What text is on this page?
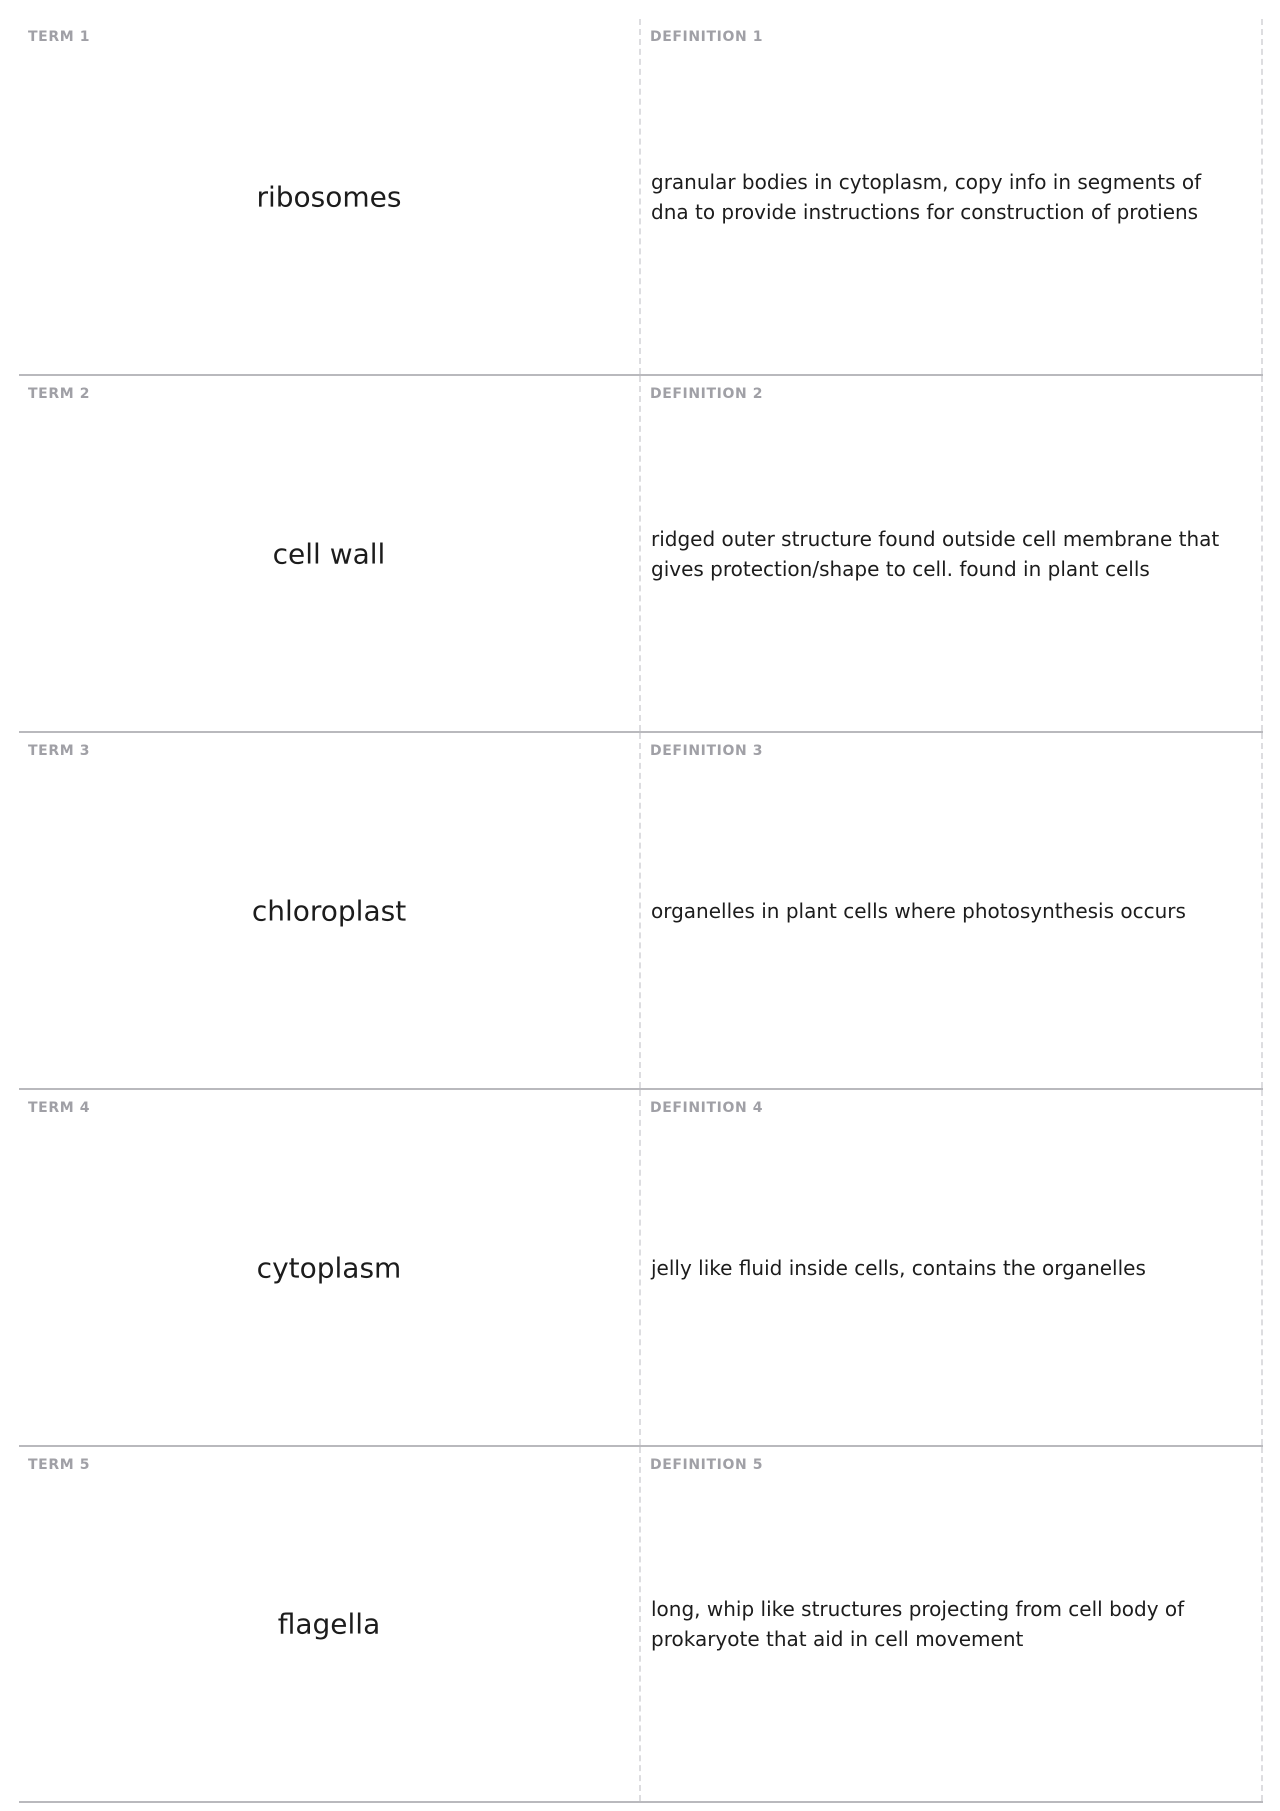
TERM 1
ribosomes
DEFINITION 1
granular bodies in cytoplasm, copy info in segments of dna to provide instructions for construction of protiens
TERM 2
cell wall
DEFINITION 2
ridged outer structure found outside cell membrane that gives protection/shape to cell. found in plant cells
TERM 3
chloroplast
DEFINITION 3
organelles in plant cells where photosynthesis occurs
TERM 4
cytoplasm
DEFINITION 4
jelly like fluid inside cells, contains the organelles
TERM 5
flagella
DEFINITION 5
long, whip like structures projecting from cell body of prokaryote that aid in cell movement
